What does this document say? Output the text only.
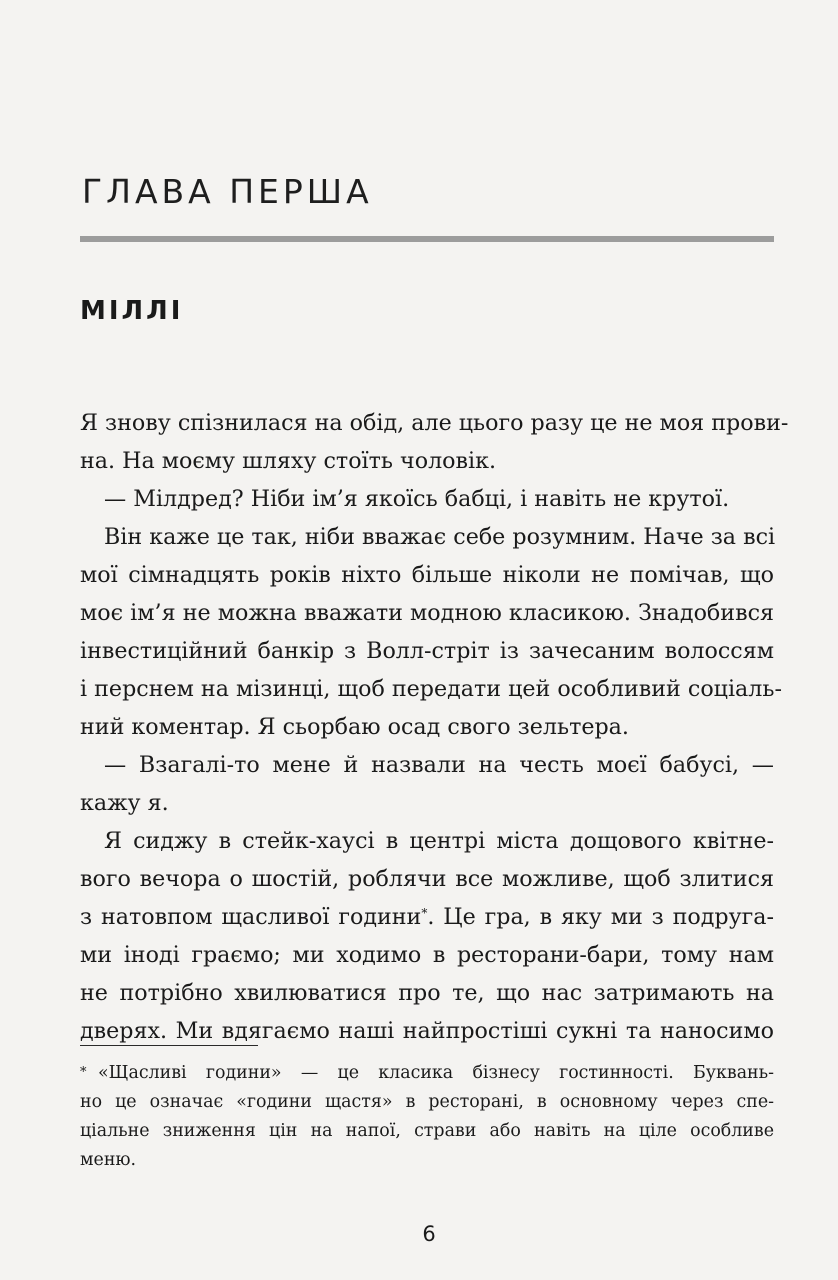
ГЛАВА ПЕРША
МІЛЛІ
Я знову спізнилася на обід, але цього разу це не моя прови-
на. На моєму шляху стоїть чоловік.
— Мілдред? Ніби ім’я якоїсь бабці, і навіть не крутої.
Він каже це так, ніби вважає себе розумним. Наче за всі
мої сімнадцять років ніхто більше ніколи не помічав, що
моє ім’я не можна вважати модною класикою. Знадобився
інвестиційний банкір з Волл-стріт із зачесаним волоссям
і перснем на мізинці, щоб передати цей особливий соціаль-
ний коментар. Я сьорбаю осад свого зельтера.
— Взагалі-то мене й назвали на честь моєї бабусі, —
кажу я.
Я сиджу в стейк-хаусі в центрі міста дощового квітне-
вого вечора о шостій, роблячи все можливе, щоб злитися
з натовпом щасливої години*. Це гра, в яку ми з подруга-
ми іноді граємо; ми ходимо в ресторани-бари, тому нам
не потрібно хвилюватися про те, що нас затримають на
дверях. Ми вдягаємо наші найпростіші сукні та наносимо
* «Щасливі години» — це класика бізнесу гостинності. Буквань-
но це означає «години щастя» в ресторані, в основному через спе-
ціальне зниження цін на напої, страви або навіть на ціле особливе
меню.
6
